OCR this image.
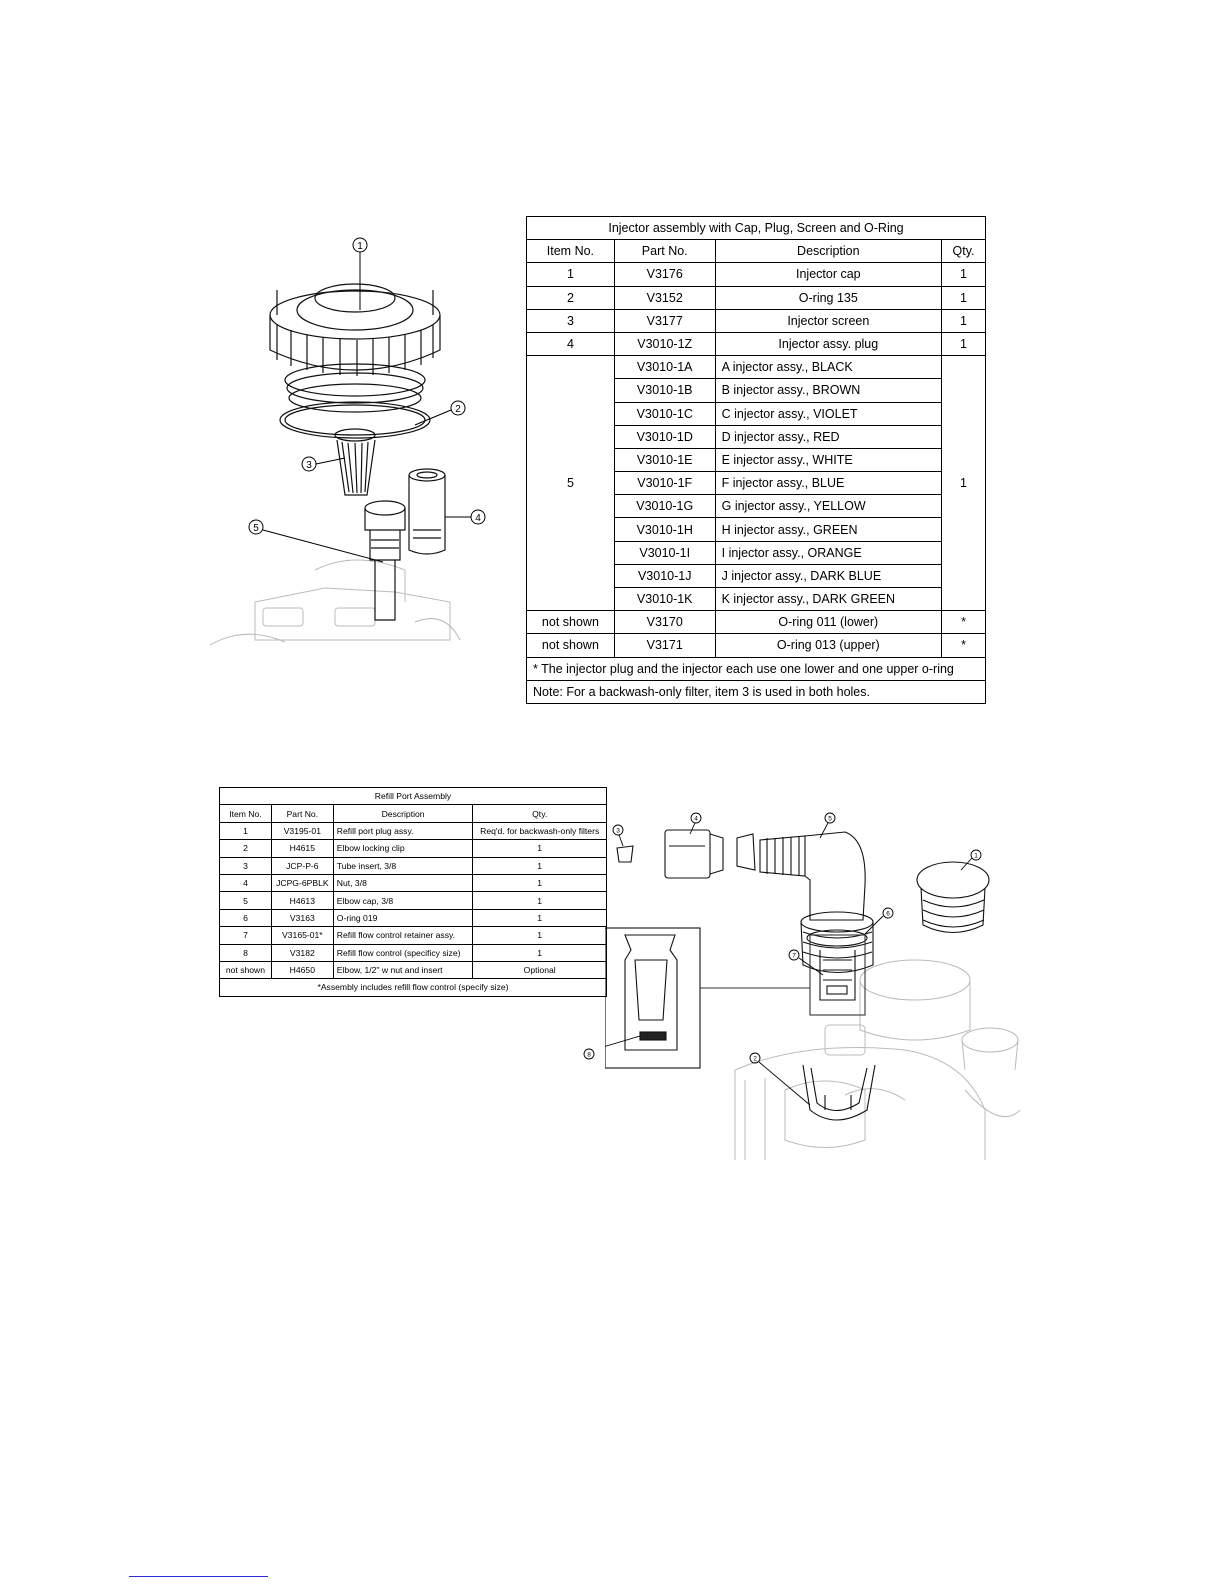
1
2
3
4
5
Injector assembly with Cap, Plug, Screen and O-Ring			
Item No.	Part No.	Description	Qty.
1	V3176	Injector cap	1
2	V3152	O-ring 135	1
3	V3177	Injector screen	1
4	V3010-1Z	Injector assy. plug	1
5	V3010-1A	A injector assy., BLACK	1
	V3010-1B	B injector assy., BROWN	
	V3010-1C	C injector assy., VIOLET	
	V3010-1D	D injector assy., RED	
	V3010-1E	E injector assy., WHITE	
	V3010-1F	F injector assy., BLUE	
	V3010-1G	G injector assy., YELLOW	
	V3010-1H	H injector assy., GREEN	
	V3010-1I	I injector assy., ORANGE	
	V3010-1J	J injector assy., DARK BLUE	
	V3010-1K	K injector assy., DARK GREEN	
not shown	V3170	O-ring 011 (lower)	*
not shown	V3171	O-ring 013 (upper)	*
* The injector plug and the injector each use one lower and one upper o-ring			
Note: For a backwash-only filter, item 3 is used in both holes.			
Refill Port Assembly			
Item No.	Part No.	Description	Qty.
1	V3195-01	Refill port plug assy.	Req'd. for backwash-only filters
2	H4615	Elbow locking clip	1
3	JCP-P-6	Tube insert, 3/8	1
4	JCPG-6PBLK	Nut, 3/8	1
5	H4613	Elbow cap, 3/8	1
6	V3163	O-ring 019	1
7	V3165-01*	Refill flow control retainer assy.	1
8	V3182	Refill flow control (specificy size)	1
not shown	H4650	Elbow, 1/2" w nut and insert	Optional
*Assembly includes refill flow control (specify size)			
1
2
3
4	5
6
7
8
